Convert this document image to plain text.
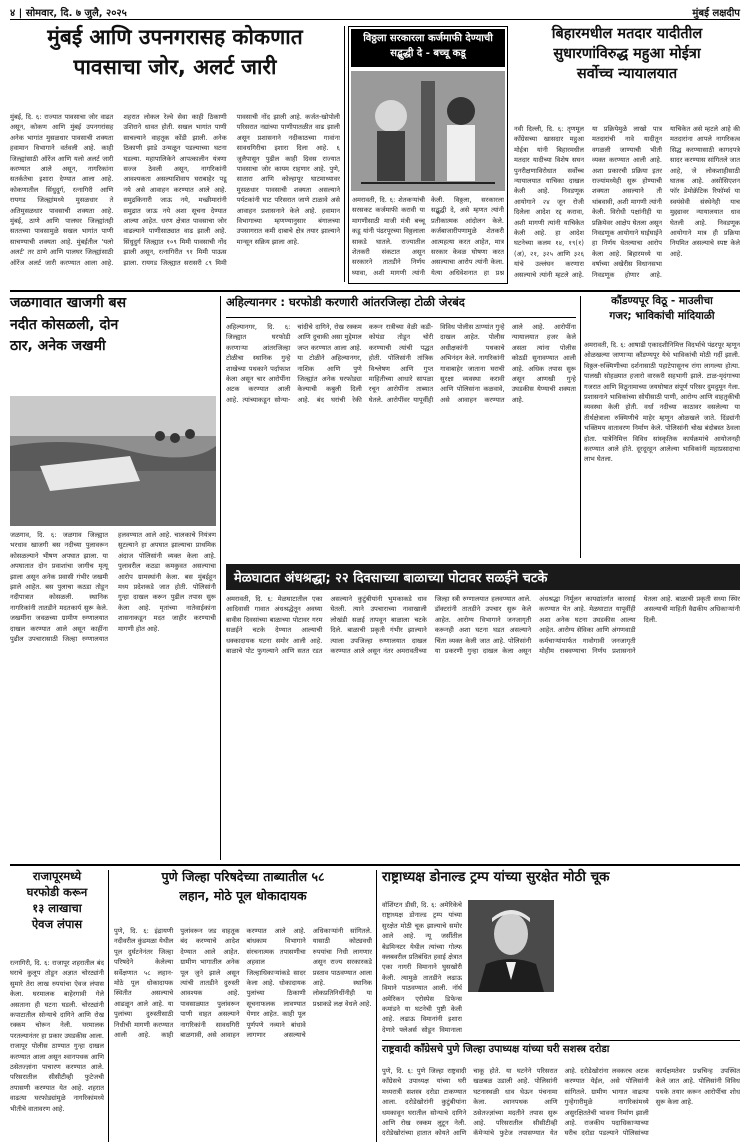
४ | सोमवार, दि. ७ जुलै, २०२५	मुंबई लक्षदीप
मुंबई आणि उपनगरासह कोकणात
पावसाचा जोर, अलर्ट जारी
मुंबई, दि. ६: राज्यात पावसाचा जोर वाढत असून, कोकण आणि मुंबई उपनगरांसह अनेक भागांत मुसळधार पावसाची शक्यता हवामान विभागाने वर्तवली आहे. काही जिल्ह्यांसाठी ऑरेंज आणि यलो अलर्ट जारी करण्यात आले असून, नागरिकांना सतर्कतेचा इशारा देण्यात आला आहे. कोकणातील सिंधुदुर्ग, रत्नागिरी आणि रायगड जिल्ह्यांमध्ये मुसळधार ते अतिमुसळधार पावसाची शक्यता आहे. मुंबई, ठाणे आणि पालघर जिल्ह्यांतही सततच्या पावसामुळे सखल भागांत पाणी साचण्याची शक्यता आहे. मुंबईतील 'यलो अलर्ट' तर ठाणे आणि पालघर जिल्ह्यांसाठी ऑरेंज अलर्ट जारी करण्यात आला आहे. शहरात लोकल रेल्वे सेवा काही ठिकाणी उशिराने धावत होती. सखल भागांत पाणी साचल्याने वाहतूक कोंडी झाली. अनेक ठिकाणी झाडे उन्मळून पडल्याच्या घटना घडल्या. महापालिकेने आपत्कालीन यंत्रणा सज्ज ठेवली असून, नागरिकांनी आवश्यकता असल्याशिवाय घराबाहेर पडू नये असे आवाहन करण्यात आले आहे. समुद्रकिनारी जाऊ नये, मच्छीमारांनी समुद्रात जाऊ नये अशा सूचना देण्यात आल्या आहेत. धरण क्षेत्रात पावसाचा जोर वाढल्याने पाणीसाठ्यात वाढ झाली आहे. सिंधुदुर्ग जिल्ह्यात १०९ मिमी पावसाची नोंद झाली असून, रत्नागिरीत ९१ मिमी पाऊस झाला. रायगड जिल्ह्यात सरासरी ८९ मिमी पावसाची नोंद झाली आहे. कर्जत-खोपोली परिसरात नद्यांच्या पाणीपातळीत वाढ झाली असून प्रशासनाने नदीकाठच्या गावांना सावधगिरीचा इशारा दिला आहे. ६ जुलैपासून पुढील काही दिवस राज्यात पावसाचा जोर कायम राहणार आहे. पुणे, सातारा आणि कोल्हापूर घाटमाथ्यावर मुसळधार पावसाची शक्यता असल्याने पर्यटकांनी घाट परिसरात जाणे टाळावे असे आवाहन प्रशासनाने केले आहे. हवामान विभागाच्या म्हणण्यानुसार बंगालच्या उपसागरात कमी दाबाचे क्षेत्र तयार झाल्याने मान्सून सक्रिय झाला आहे.
विठ्ठला सरकारला कर्जमाफी देण्याची सद्बुद्धी दे - बच्चू कडू
अमरावती, दि. ६: शेतकऱ्यांची सरसकट कर्जमाफी करावी या मागणीसाठी माजी मंत्री बच्चू कडू यांनी पंढरपूरच्या विठ्ठलाला साकडे घातले. राज्यातील शेतकरी संकटात असून सरकारने तातडीने निर्णय घ्यावा, अशी मागणी त्यांनी केली. विठ्ठला, सरकारला सद्बुद्धी दे, असे म्हणत त्यांनी प्रतीकात्मक आंदोलन केले. कर्जबाजारीपणामुळे शेतकरी आत्महत्या करत आहेत, मात्र सरकार केवळ घोषणा करत असल्याचा आरोप त्यांनी केला. येत्या अधिवेशनात हा प्रश्न
बिहारमधील मतदार यादीतील
सुधारणांविरुद्ध महुआ मोईत्रा
सर्वोच्च न्यायालयात
नवी दिल्ली, दि. ६: तृणमूल काँग्रेसच्या खासदार महुआ मोईत्रा यांनी बिहारमधील मतदार यादीच्या विशेष सघन पुनरीक्षणाविरोधात सर्वोच्च न्यायालयात याचिका दाखल केली आहे. निवडणूक आयोगाने २४ जून रोजी दिलेला आदेश रद्द करावा, अशी मागणी त्यांनी याचिकेत केली आहे. हा आदेश घटनेच्या कलम १४, १९(१)(अ), २१, ३२५ आणि ३२६ यांचे उल्लंघन करणारा असल्याचे त्यांनी म्हटले आहे. या प्रक्रियेमुळे लाखो पात्र मतदारांची नावे यादीतून वगळली जाण्याची भीती व्यक्त करण्यात आली आहे. अशा प्रकारची प्रक्रिया इतर राज्यांमध्येही सुरू होण्याची शक्यता असल्याने ती थांबवावी, अशी मागणी त्यांनी केली. विरोधी पक्षांनीही या प्रक्रियेवर आक्षेप घेतला असून निवडणूक आयोगाने घाईघाईने हा निर्णय घेतल्याचा आरोप केला आहे. बिहारमध्ये या वर्षाच्या अखेरीस विधानसभा निवडणूक होणार आहे. याचिकेत असे म्हटले आहे की मतदारांना आपले नागरिकत्व सिद्ध करण्यासाठी कागदपत्रे सादर करण्यास सांगितले जात आहे, जे लोकशाहीसाठी घातक आहे. असोसिएशन फॉर डेमोक्रॅटिक रिफॉर्म्स या स्वयंसेवी संस्थेनेही याच मुद्द्यावर न्यायालयात धाव घेतली आहे. निवडणूक आयोगाने मात्र ही प्रक्रिया नियमित असल्याचे स्पष्ट केले आहे.
जळगावात खाजगी बस
नदीत कोसळली, दोन
ठार, अनेक जखमी
जळगाव, दि. ६: जळगाव जिल्ह्यात भरधाव खाजगी बस नदीच्या पुलावरून कोसळल्याने भीषण अपघात झाला. या अपघातात दोन प्रवाशांचा जागीच मृत्यू झाला असून अनेक प्रवासी गंभीर जखमी झाले आहेत. बस पुलाचा कठडा तोडून नदीपात्रात कोसळली. स्थानिक नागरिकांनी तातडीने मदतकार्य सुरू केले. जखमींना जवळच्या ग्रामीण रुग्णालयात दाखल करण्यात आले असून काहींना पुढील उपचारासाठी जिल्हा रुग्णालयात हलवण्यात आले आहे. चालकाचे नियंत्रण सुटल्याने हा अपघात झाल्याचा प्राथमिक अंदाज पोलिसांनी व्यक्त केला आहे. पुलावरील कठडा कमकुवत असल्याचा आरोप ग्रामस्थांनी केला. बस मुंबईहून मध्य प्रदेशकडे जात होती. पोलिसांनी गुन्हा दाखल करून पुढील तपास सुरू केला आहे. मृतांच्या नातेवाईकांना शासनाकडून मदत जाहीर करण्याची मागणी होत आहे.
अहिल्यानगर : घरफोडी करणारी आंतरजिल्हा टोळी जेरबंद
अहिल्यानगर, दि. ६: जिल्ह्यात घरफोडी करणाऱ्या आंतरजिल्हा टोळीचा स्थानिक गुन्हे शाखेच्या पथकाने पर्दाफाश केला असून चार आरोपींना अटक करण्यात आली आहे. त्यांच्याकडून सोन्या-चांदीचे दागिने, रोख रक्कम आणि दुचाकी असा मुद्देमाल जप्त करण्यात आला आहे. या टोळीने अहिल्यानगर, नाशिक आणि पुणे जिल्ह्यांत अनेक घरफोड्या केल्याची कबुली दिली आहे. बंद घरांची रेकी करून रात्रीच्या वेळी कडी-कोयंडा तोडून चोरी करण्याची त्यांची पद्धत होती. पोलिसांनी तांत्रिक विश्लेषण आणि गुप्त माहितीच्या आधारे सापळा रचून आरोपींना ताब्यात घेतले. आरोपींवर यापूर्वीही विविध पोलीस ठाण्यांत गुन्हे दाखल आहेत. पोलीस अधीक्षकांनी पथकाचे अभिनंदन केले. नागरिकांनी गावाबाहेर जाताना घराची सुरक्षा व्यवस्था करावी आणि पोलिसांना कळवावे, असे आवाहन करण्यात आले आहे. आरोपींना न्यायालयात हजर केले असता त्यांना पोलीस कोठडी सुनावण्यात आली आहे. अधिक तपास सुरू असून आणखी गुन्हे उघडकीस येण्याची शक्यता आहे.
कौंडण्यपूर विठू - माउलीचा
गजर; भाविकांची मांदियाळी
अमरावती, दि. ६: आषाढी एकादशीनिमित्त विदर्भाचे पंढरपूर म्हणून ओळखल्या जाणाऱ्या कौंडण्यपूर येथे भाविकांची मोठी गर्दी झाली. विठ्ठल-रुक्मिणीच्या दर्शनासाठी पहाटेपासूनच रांगा लागल्या होत्या. पालखी सोहळ्यात हजारो वारकरी सहभागी झाले. टाळ-मृदंगाच्या गजरात आणि विठूनामाच्या जयघोषात संपूर्ण परिसर दुमदुमून गेला. प्रशासनाने भाविकांच्या सोयीसाठी पाणी, आरोग्य आणि वाहतुकीची व्यवस्था केली होती. वर्धा नदीच्या काठावर वसलेल्या या तीर्थक्षेत्राला रुक्मिणीचे माहेर म्हणून ओळखले जाते. दिंड्यांनी भक्तिमय वातावरण निर्माण केले. पोलिसांनी चोख बंदोबस्त ठेवला होता. यात्रेनिमित्त विविध सांस्कृतिक कार्यक्रमांचे आयोजनही करण्यात आले होते. दूरदूरहून आलेल्या भाविकांनी महाप्रसादाचा लाभ घेतला.
मेळघाटात अंधश्रद्धा; २२ दिवसाच्या बाळाच्या पोटावर सळईने चटके
अमरावती, दि. ६: मेळघाटातील एका आदिवासी गावात अंधश्रद्धेतून अवघ्या बावीस दिवसांच्या बाळाच्या पोटावर गरम सळईने चटके देण्यात आल्याची धक्कादायक घटना समोर आली आहे. बाळाचे पोट फुगल्याने आणि सतत रडत असल्याने कुटुंबीयांनी भुमकाकडे धाव घेतली. त्याने उपचाराच्या नावाखाली लोखंडी सळई तापवून बाळाला चटके दिले. बाळाची प्रकृती गंभीर झाल्याने त्याला उपजिल्हा रुग्णालयात दाखल करण्यात आले असून नंतर अमरावतीच्या जिल्हा स्त्री रुग्णालयात हलवण्यात आले. डॉक्टरांनी तातडीने उपचार सुरू केले आहेत. आरोग्य विभागाने जनजागृती करूनही अशा घटना घडत असल्याने चिंता व्यक्त केली जात आहे. पोलिसांनी या प्रकरणी गुन्हा दाखल केला असून अंधश्रद्धा निर्मूलन कायद्यांतर्गत कारवाई करण्यात येत आहे. मेळघाटात यापूर्वीही अशा अनेक घटना उघडकीस आल्या आहेत. आरोग्य सेविका आणि अंगणवाडी कर्मचाऱ्यांमार्फत गावोगावी जनजागृती मोहीम राबवण्याचा निर्णय प्रशासनाने घेतला आहे. बाळाची प्रकृती सध्या स्थिर असल्याची माहिती वैद्यकीय अधिकाऱ्यांनी दिली.
राजापूरमध्ये
घरफोडी करून
१३ लाखाचा
ऐवज लंपास
रत्नागिरी, दि. ६: राजापूर शहरातील बंद घराचे कुलूप तोडून अज्ञात चोरट्यांनी सुमारे तेरा लाख रुपयांचा ऐवज लंपास केला. घरमालक बाहेरगावी गेले असताना ही घटना घडली. चोरट्यांनी कपाटातील सोन्याचे दागिने आणि रोख रक्कम चोरून नेली. घरमालक परतल्यानंतर हा प्रकार उघडकीस आला. राजापूर पोलीस ठाण्यात गुन्हा दाखल करण्यात आला असून श्वानपथक आणि ठसेतज्ज्ञांना पाचारण करण्यात आले. परिसरातील सीसीटीव्ही फुटेजची तपासणी करण्यात येत आहे. शहरात वाढत्या घरफोड्यांमुळे नागरिकांमध्ये भीतीचे वातावरण आहे.
पुणे जिल्हा परिषदेच्या ताब्यातील ५८
लहान, मोठे पूल धोकादायक
पुणे, दि. ६: इंद्रायणी नदीवरील कुंडमळा येथील पूल दुर्घटनेनंतर जिल्हा परिषदेने केलेल्या सर्वेक्षणात ५८ लहान-मोठे पूल धोकादायक स्थितीत असल्याचे आढळून आले आहे. या पुलांच्या दुरुस्तीसाठी निधीची मागणी करण्यात आली आहे. काही पुलांवरून जड वाहतूक बंद करण्याचे आदेश देण्यात आले आहेत. ग्रामीण भागातील अनेक पूल जुने झाले असून त्यांची तातडीने दुरुस्ती आवश्यक आहे. पावसाळ्यात पुलांवरून पाणी वाहत असल्याने नागरिकांनी सावधगिरी बाळगावी, असे आवाहन करण्यात आले आहे. बांधकाम विभागाने संरचनात्मक तपासणीचा अहवाल जिल्हाधिकाऱ्यांकडे सादर केला आहे. धोकादायक पुलांच्या ठिकाणी सूचनाफलक लावण्यात येणार आहेत. काही पूल पूर्णपणे नव्याने बांधावे लागणार असल्याचे अधिकाऱ्यांनी सांगितले. यासाठी कोट्यवधी रुपयांचा निधी लागणार असून राज्य सरकारकडे प्रस्ताव पाठवण्यात आला आहे. स्थानिक लोकप्रतिनिधींनीही या प्रश्नाकडे लक्ष वेधले आहे.
राष्ट्राध्यक्ष डोनाल्ड ट्रम्प यांच्या सुरक्षेत मोठी चूक
वॉशिंग्टन डीसी, दि. ६: अमेरिकेचे राष्ट्राध्यक्ष डोनाल्ड ट्रम्प यांच्या सुरक्षेत मोठी चूक झाल्याचे समोर आले आहे. न्यू जर्सीतील बेडमिन्स्टर येथील त्यांच्या गोल्फ क्लबवरील प्रतिबंधित हवाई क्षेत्रात एका नागरी विमानाने घुसखोरी केली. त्यामुळे तातडीने लढाऊ विमाने पाठवण्यात आली. नॉर्थ अमेरिकन एरोस्पेस डिफेन्स कमांडने या घटनेची पुष्टी केली आहे. लढाऊ विमानांनी इशारा देणारे फ्लेअर्स सोडून विमानाला
राष्ट्रवादी काँग्रेसचे पुणे जिल्हा उपाध्यक्ष यांच्या घरी सशस्त्र दरोडा
पुणे, दि. ६: पुणे जिल्हा राष्ट्रवादी काँग्रेसचे उपाध्यक्ष यांच्या घरी मध्यरात्री सशस्त्र दरोडा टाकण्यात आला. दरोडेखोरांनी कुटुंबीयांना धमकावून घरातील सोन्याचे दागिने आणि रोख रक्कम लुटून नेली. दरोडेखोरांच्या हातात कोयते आणि चाकू होते. या घटनेने परिसरात खळबळ उडाली आहे. पोलिसांनी घटनास्थळी धाव घेऊन पंचनामा केला. श्वानपथक आणि ठसेतज्ज्ञांच्या मदतीने तपास सुरू आहे. परिसरातील सीसीटीव्ही कॅमेऱ्यांचे फुटेज तपासण्यात येत आहे. दरोडेखोरांना लवकरच अटक करण्यात येईल, असे पोलिसांनी सांगितले. ग्रामीण भागात वाढत्या गुन्हेगारीमुळे नागरिकांमध्ये असुरक्षिततेची भावना निर्माण झाली आहे. राजकीय पदाधिकाऱ्याच्या घरीच दरोडा पडल्याने पोलिसांच्या कार्यक्षमतेवर प्रश्नचिन्ह उपस्थित केले जात आहे. पोलिसांनी विविध पथके तयार करून आरोपींचा शोध सुरू केला आहे.
